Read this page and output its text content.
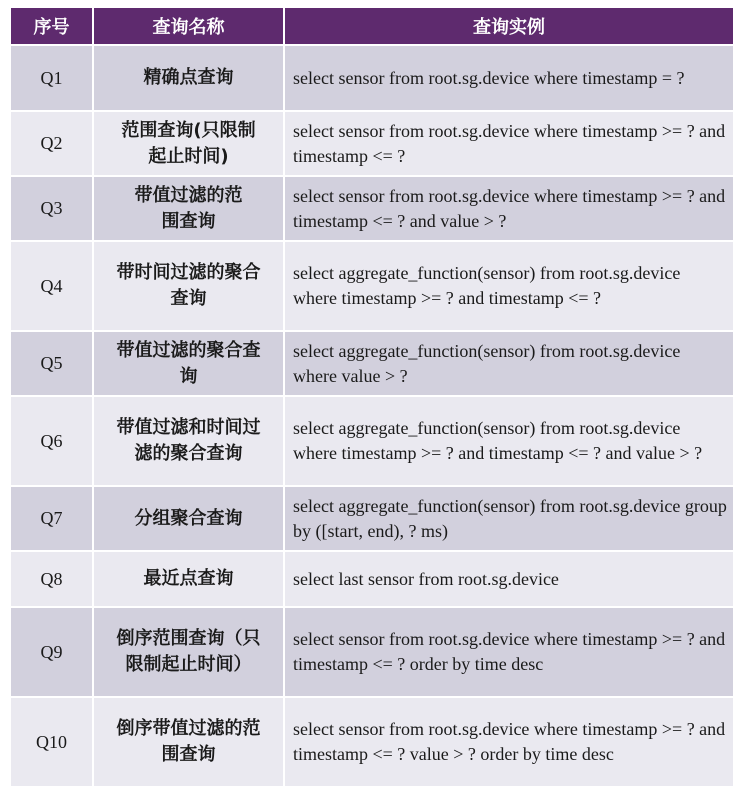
序号	查询名称	查询实例
Q1	精确点查询	select sensor from root.sg.device where timestamp = ?
Q2	范围查询(只限制起止时间)	select sensor from root.sg.device where timestamp >= ? and timestamp <= ?
Q3	带值过滤的范围查询	select sensor from root.sg.device where timestamp >= ? and timestamp <= ? and value > ?
Q4	带时间过滤的聚合查询	select aggregate_function(sensor) from root.sg.device where timestamp >= ? and timestamp <= ?
Q5	带值过滤的聚合查询	select aggregate_function(sensor) from root.sg.device where value > ?
Q6	带值过滤和时间过滤的聚合查询	select aggregate_function(sensor) from root.sg.device where timestamp >= ? and timestamp <= ? and value > ?
Q7	分组聚合查询	select aggregate_function(sensor) from root.sg.device group by ([start, end), ? ms)
Q8	最近点查询	select last sensor from root.sg.device
Q9	倒序范围查询（只限制起止时间）	select sensor from root.sg.device where timestamp >= ? and timestamp <= ? order by time desc
Q10	倒序带值过滤的范围查询	select sensor from root.sg.device where timestamp >= ? and timestamp <= ? value > ? order by time desc
